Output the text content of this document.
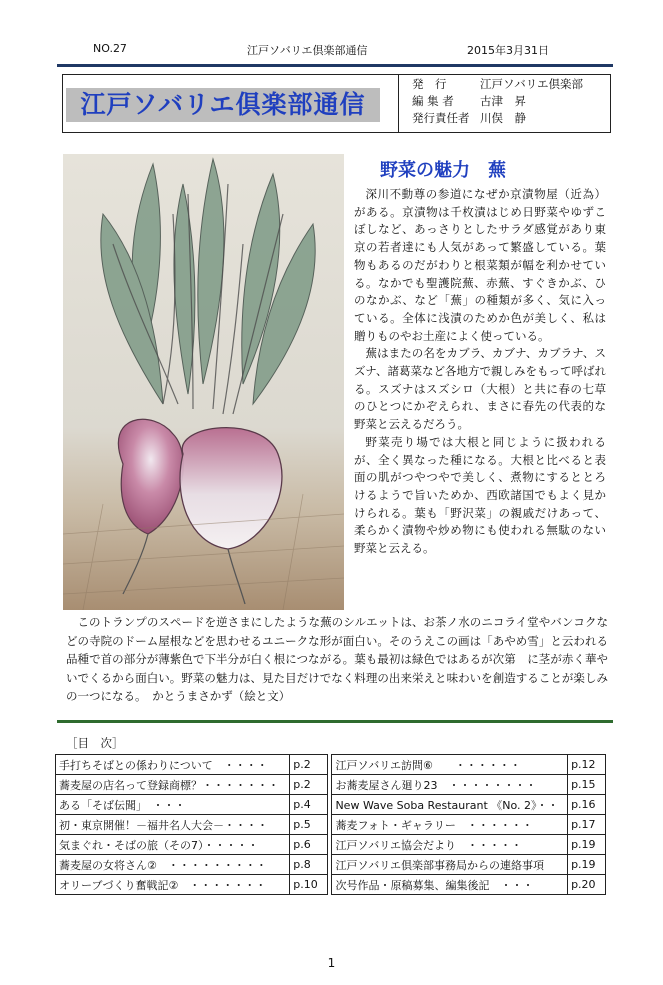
NO.27	江戸ソバリエ倶楽部通信	2015年3月31日
江戸ソバリエ倶楽部通信
発　行	江戸ソバリエ倶楽部
編 集 者 古津　昇
発行責任者 川俣　静
野菜の魅力　蕪

深川不動尊の参道になぜか京漬物屋（近為）がある。京漬物は千枚漬はじめ日野菜やゆずこぼしなど、あっさりとしたサラダ感覚があり東京の若者達にも人気があって繁盛している。葉物もあるのだがわりと根菜類が幅を利かせている。なかでも聖護院蕪、赤蕪、すぐきかぶ、ひのなかぶ、など「蕪」の種類が多く、気に入っている。全体に浅漬のためか色が美しく、私は贈りものやお土産によく使っている。

蕪はまたの名をカブラ、カブナ、カブラナ、スズナ、諸葛菜など各地方で親しみをもって呼ばれる。スズナはスズシロ（大根）と共に春の七草のひとつにかぞえられ、まさに春先の代表的な野菜と云えるだろう。

野菜売り場では大根と同じように扱われるが、全く異なった種になる。大根と比べると表面の肌がつやつやで美しく、煮物にするととろけるようで旨いためか、西欧諸国でもよく見かけられる。葉も「野沢菜」の親戚だけあって、柔らかく漬物や炒め物にも使われる無駄のない野菜と云える。

このトランプのスペードを逆さまにしたような蕪のシルエットは、お茶ノ水のニコライ堂やバンコクなどの寺院のドーム屋根などを思わせるユニークな形が面白い。そのうえこの画は「あやめ雪」と云われる品種で首の部分が薄紫色で下半分が白く根につながる。葉も最初は緑色ではあるが次第　に茎が赤く華やいでくるから面白い。野菜の魅力は、見た目だけでなく料理の出来栄えと味わいを創造することが楽しみの一つになる。　かとうまさかず（絵と文）

［目　次］
手打ちそばとの係わりについて　・・・・	p.2		江戸ソバリエ訪問⑥　　・・・・・・	p.12
蕎麦屋の店名って登録商標？・・・・・・・	p.2		お蕎麦屋さん廻り23　・・・・・・・・	p.15
ある「そば伝聞」　・・・	p.4		New Wave Soba Restaurant 《No. 2》・・	p.16
初・東京開催！－福井名人大会－・・・・	p.5		蕎麦フォト・ギャラリー　・・・・・・	p.17
気まぐれ・そばの旅（その7）・・・・・	p.6		江戸ソバリエ協会だより　・・・・・	p.19
蕎麦屋の女将さん②　・・・・・・・・・	p.8		江戸ソバリエ倶楽部事務局からの連絡事項	p.19
オリーブづくり奮戦記②　・・・・・・・	p.10		次号作品・原稿募集、編集後記　・・・	p.20
1
